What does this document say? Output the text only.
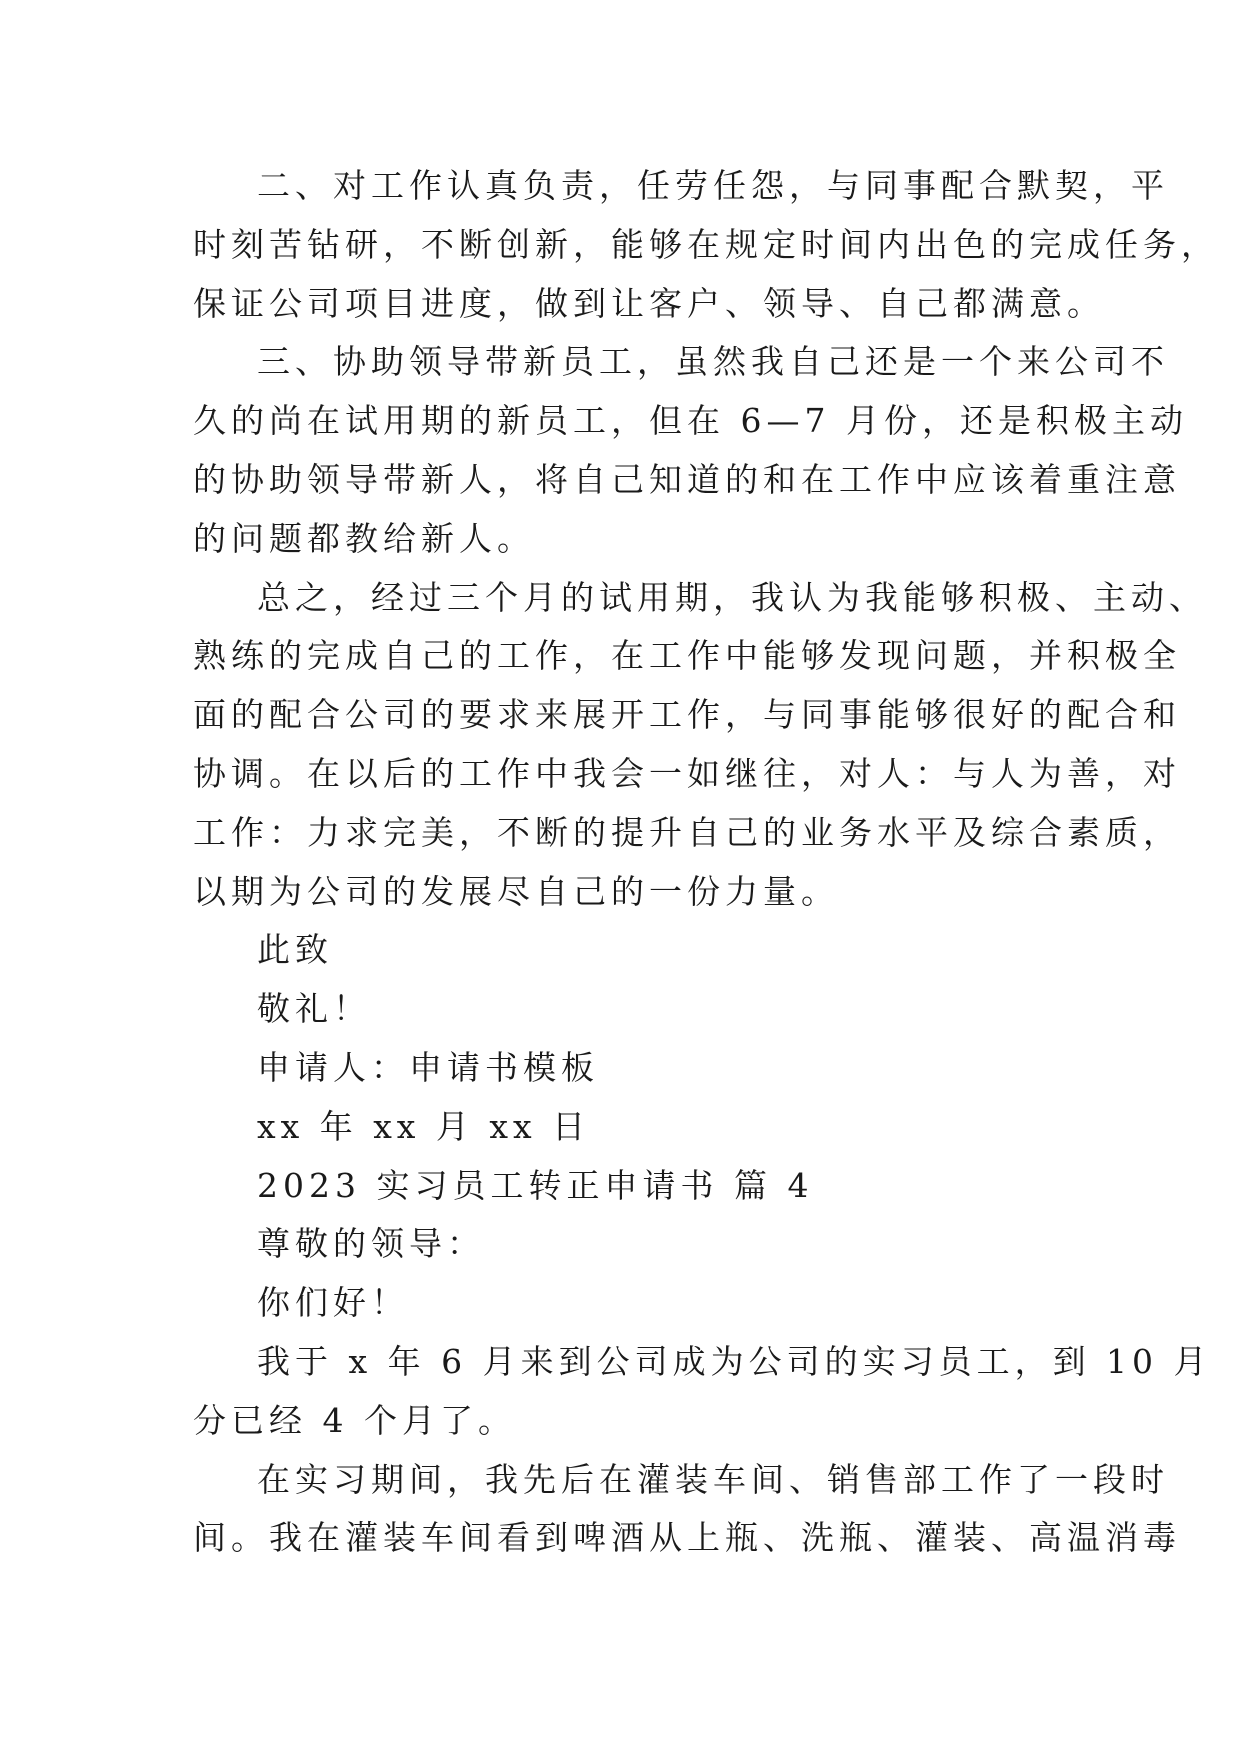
二、对工作认真负责，任劳任怨，与同事配合默契，平
时刻苦钻研，不断创新，能够在规定时间内出色的完成任务，
保证公司项目进度，做到让客户、领导、自己都满意。
三、协助领导带新员工，虽然我自己还是一个来公司不
久的尚在试用期的新员工，但在 6—7 月份，还是积极主动
的协助领导带新人，将自己知道的和在工作中应该着重注意
的问题都教给新人。
总之，经过三个月的试用期，我认为我能够积极、主动、
熟练的完成自己的工作，在工作中能够发现问题，并积极全
面的配合公司的要求来展开工作，与同事能够很好的配合和
协调。在以后的工作中我会一如继往，对人：与人为善，对
工作：力求完美，不断的提升自己的业务水平及综合素质，
以期为公司的发展尽自己的一份力量。
此致
敬礼！
申请人：申请书模板
xx 年 xx 月 xx 日
2023 实习员工转正申请书 篇 4
尊敬的领导：
你们好！
我于 x 年 6 月来到公司成为公司的实习员工，到 10 月
分已经 4 个月了。
在实习期间，我先后在灌装车间、销售部工作了一段时
间。我在灌装车间看到啤酒从上瓶、洗瓶、灌装、高温消毒
